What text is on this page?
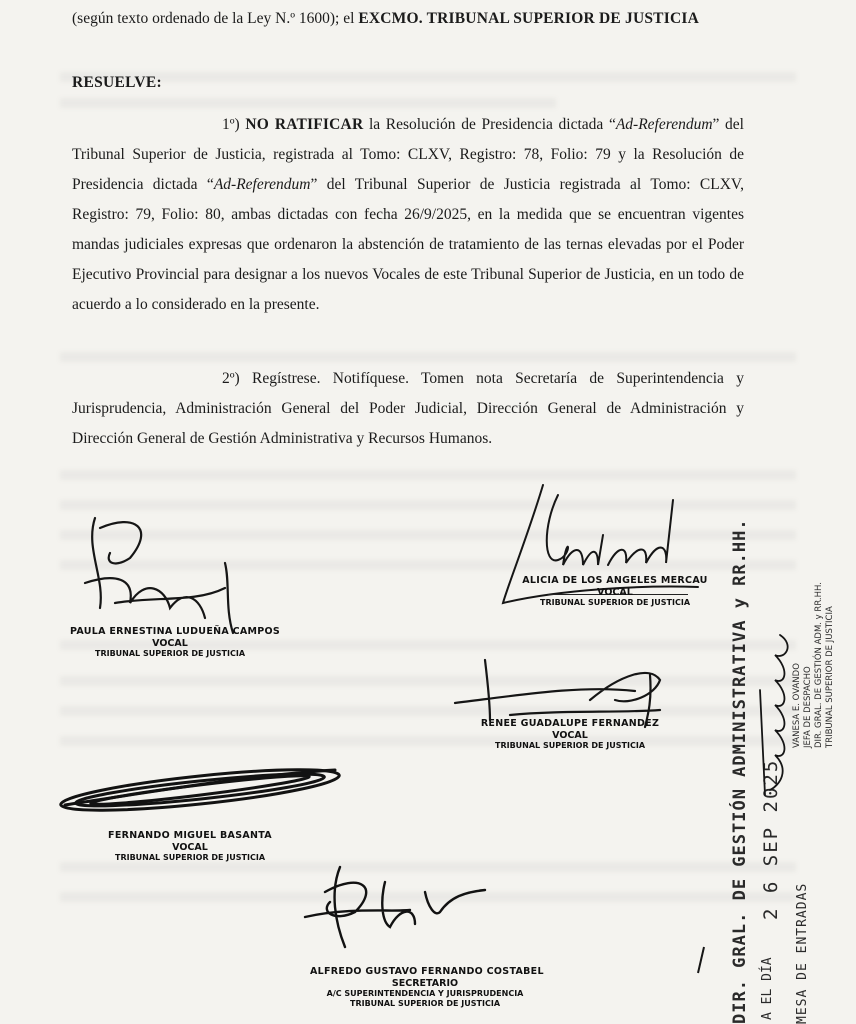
(según texto ordenado de la Ley N.º 1600); el EXCMO. TRIBUNAL SUPERIOR DE JUSTICIA
RESUELVE:
1º) NO RATIFICAR la Resolución de Presidencia dictada “Ad-Referendum” del Tribunal Superior de Justicia, registrada al Tomo: CLXV, Registro: 78, Folio: 79 y la Resolución de Presidencia dictada “Ad-Referendum” del Tribunal Superior de Justicia registrada al Tomo: CLXV, Registro: 79, Folio: 80, ambas dictadas con fecha 26/9/2025, en la medida que se encuentran vigentes mandas judiciales expresas que ordenaron la abstención de tratamiento de las ternas elevadas por el Poder Ejecutivo Provincial para designar a los nuevos Vocales de este Tribunal Superior de Justicia, en un todo de acuerdo a lo considerado en la presente.
2º) Regístrese. Notifíquese. Tomen nota Secretaría de Superintendencia y Jurisprudencia, Administración General del Poder Judicial, Dirección General de Administración y Dirección General de Gestión Administrativa y Recursos Humanos.
PAULA ERNESTINA LUDUEÑA CAMPOS
VOCAL
TRIBUNAL SUPERIOR DE JUSTICIA
ALICIA DE LOS ANGELES MERCAU
VOCAL
TRIBUNAL SUPERIOR DE JUSTICIA
RENEE GUADALUPE FERNANDEZ
VOCAL
TRIBUNAL SUPERIOR DE JUSTICIA
FERNANDO MIGUEL BASANTA
VOCAL
TRIBUNAL SUPERIOR DE JUSTICIA
ALFREDO GUSTAVO FERNANDO COSTABEL
SECRETARIO
A/C SUPERINTENDENCIA Y JURISPRUDENCIA
TRIBUNAL SUPERIOR DE JUSTICIA	DIR. GRAL. DE GESTIÓN ADMINISTRATIVA y RR.HH. 2 6 SEP 2025
MESA DE ENTRADAS
A EL DÍA
VANESA E. OVANDO JEFA DE DESPACHO DIR. GRAL. DE GESTIÓN ADM. y RR.HH. TRIBUNAL SUPERIOR DE JUSTICIA
